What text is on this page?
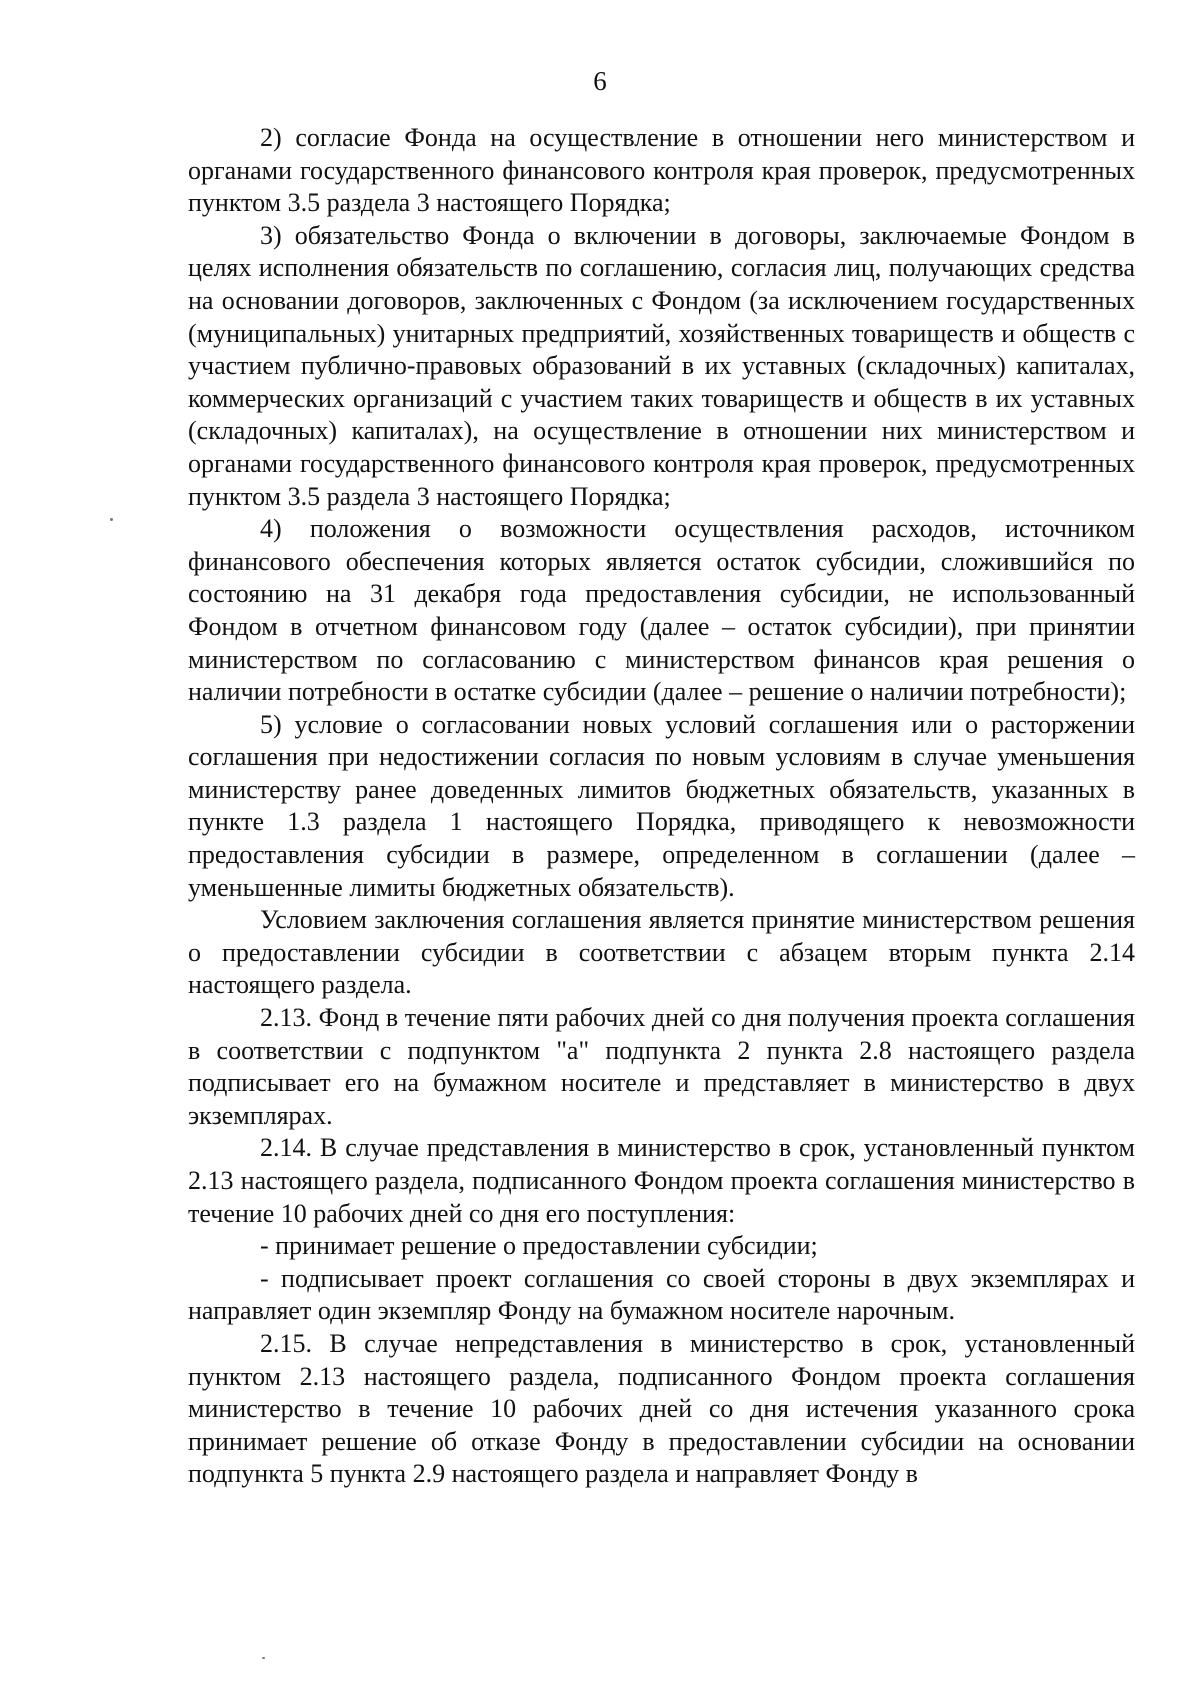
6

2) согласие Фонда на осуществление в отношении него министерством и органами государственного финансового контроля края проверок, предусмотренных пунктом 3.5 раздела 3 настоящего Порядка;

3) обязательство Фонда о включении в договоры, заключаемые Фондом в целях исполнения обязательств по соглашению, согласия лиц, получающих средства на основании договоров, заключенных с Фондом (за исключением государственных (муниципальных) унитарных предприятий, хозяйственных товариществ и обществ с участием публично-правовых образований в их уставных (складочных) капиталах, коммерческих организаций с участием таких товариществ и обществ в их уставных (складочных) капиталах), на осуществление в отношении них министерством и органами государственного финансового контроля края проверок, предусмотренных пунктом 3.5 раздела 3 настоящего Порядка;

4) положения о возможности осуществления расходов, источником финансового обеспечения которых является остаток субсидии, сложившийся по состоянию на 31 декабря года предоставления субсидии, не использованный Фондом в отчетном финансовом году (далее – остаток субсидии), при принятии министерством по согласованию с министерством финансов края решения о наличии потребности в остатке субсидии (далее – решение о наличии потребности);

5) условие о согласовании новых условий соглашения или о расторжении соглашения при недостижении согласия по новым условиям в случае уменьшения министерству ранее доведенных лимитов бюджетных обязательств, указанных в пункте 1.3 раздела 1 настоящего Порядка, приводящего к невозможности предоставления субсидии в размере, определенном в соглашении (далее – уменьшенные лимиты бюджетных обязательств).

Условием заключения соглашения является принятие министерством решения о предоставлении субсидии в соответствии с абзацем вторым пункта 2.14 настоящего раздела.

2.13. Фонд в течение пяти рабочих дней со дня получения проекта соглашения в соответствии с подпунктом "а" подпункта 2 пункта 2.8 настоящего раздела подписывает его на бумажном носителе и представляет в министерство в двух экземплярах.

2.14. В случае представления в министерство в срок, установленный пунктом 2.13 настоящего раздела, подписанного Фондом проекта соглашения министерство в течение 10 рабочих дней со дня его поступления:

- принимает решение о предоставлении субсидии;

- подписывает проект соглашения со своей стороны в двух экземплярах и направляет один экземпляр Фонду на бумажном носителе нарочным.

2.15. В случае непредставления в министерство в срок, установленный пунктом 2.13 настоящего раздела, подписанного Фондом проекта соглашения министерство в течение 10 рабочих дней со дня истечения указанного срока принимает решение об отказе Фонду в предоставлении субсидии на основании подпункта 5 пункта 2.9 настоящего раздела и направляет Фонду в
